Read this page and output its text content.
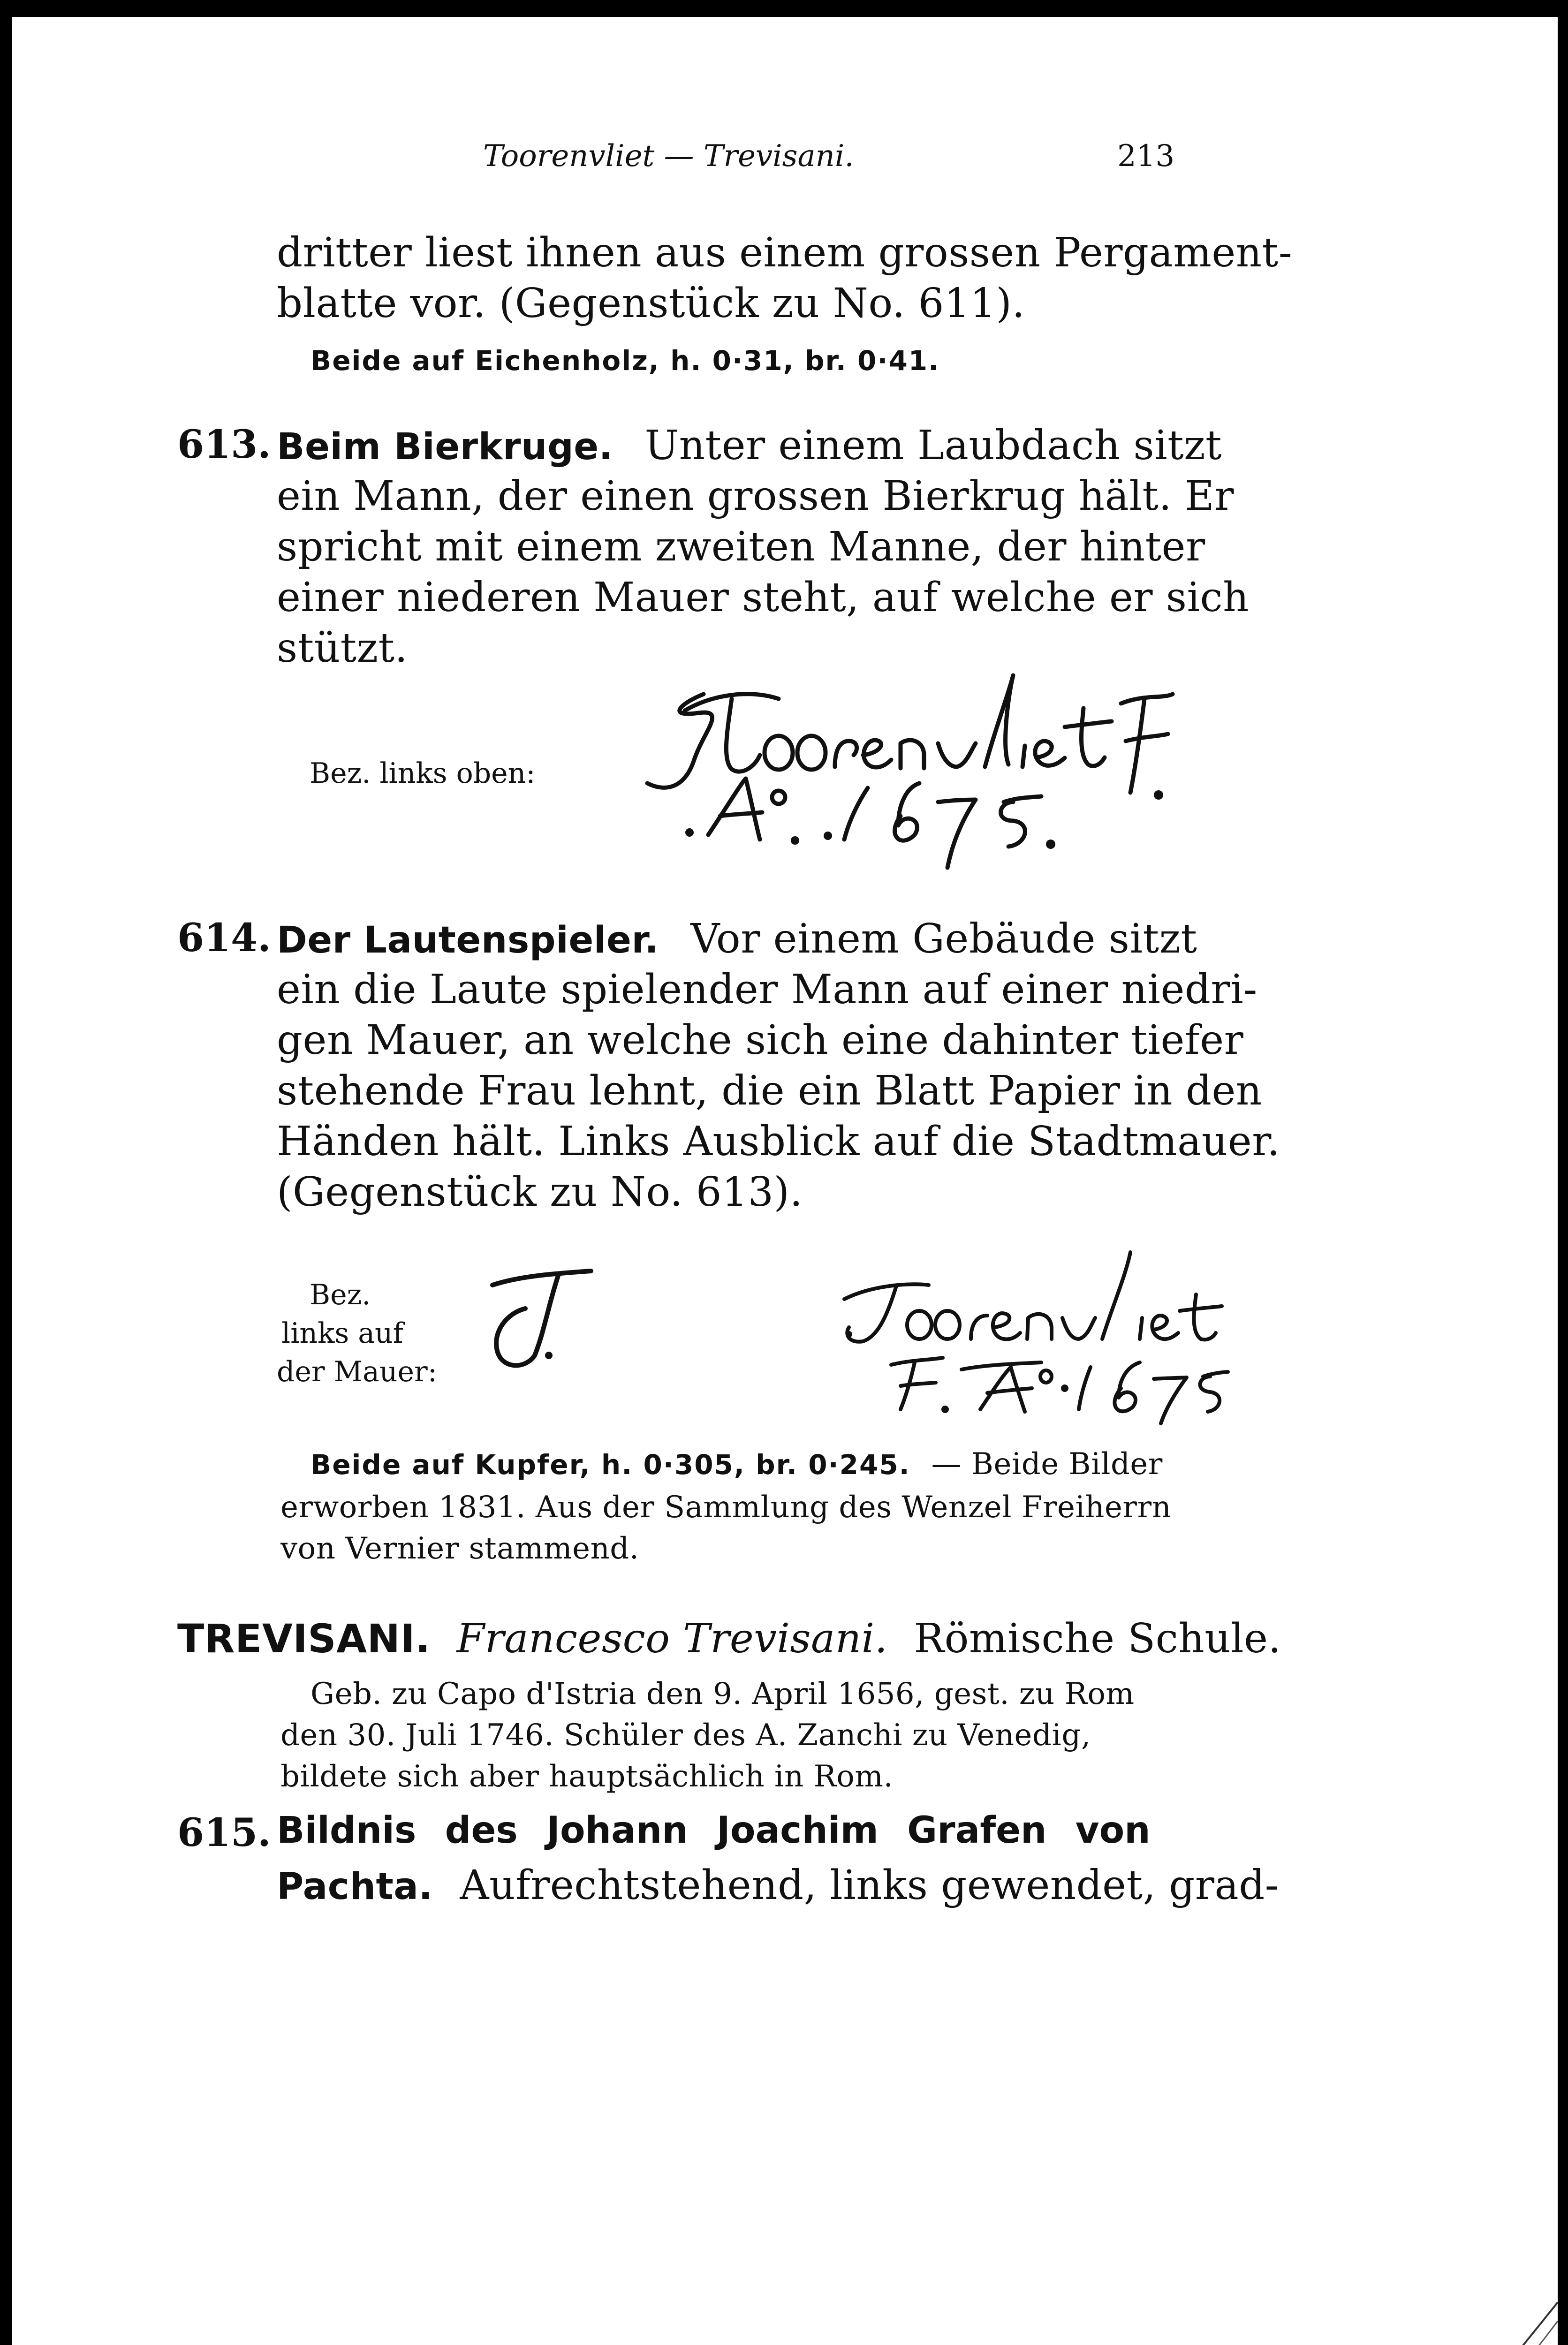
Toorenvliet — Trevisani.	213
dritter liest ihnen aus einem grossen Pergament-
blatte vor. (Gegenstück zu No. 611).
Beide auf Eichenholz, h. 0·31, br. 0·41.
613. Beim Bierkruge. Unter einem Laubdach sitzt
ein Mann, der einen grossen Bierkrug hält. Er
spricht mit einem zweiten Manne, der hinter
einer niederen Mauer steht, auf welche er sich
stützt.
Bez. links oben:
614. Der Lautenspieler. Vor einem Gebäude sitzt
ein die Laute spielender Mann auf einer niedri-
gen Mauer, an welche sich eine dahinter tiefer
stehende Frau lehnt, die ein Blatt Papier in den
Händen hält. Links Ausblick auf die Stadtmauer.
(Gegenstück zu No. 613).
Bez.
links auf
der Mauer:
Beide auf Kupfer, h. 0·305, br. 0·245. — Beide Bilder
erworben 1831. Aus der Sammlung des Wenzel Freiherrn
von Vernier stammend.
TREVISANI. Francesco Trevisani. Römische Schule.
Geb. zu Capo d'Istria den 9. April 1656, gest. zu Rom
den 30. Juli 1746. Schüler des A. Zanchi zu Venedig,
bildete sich aber hauptsächlich in Rom.
615. Bildnis des Johann Joachim Grafen von
Pachta. Aufrechtstehend, links gewendet, grad-
